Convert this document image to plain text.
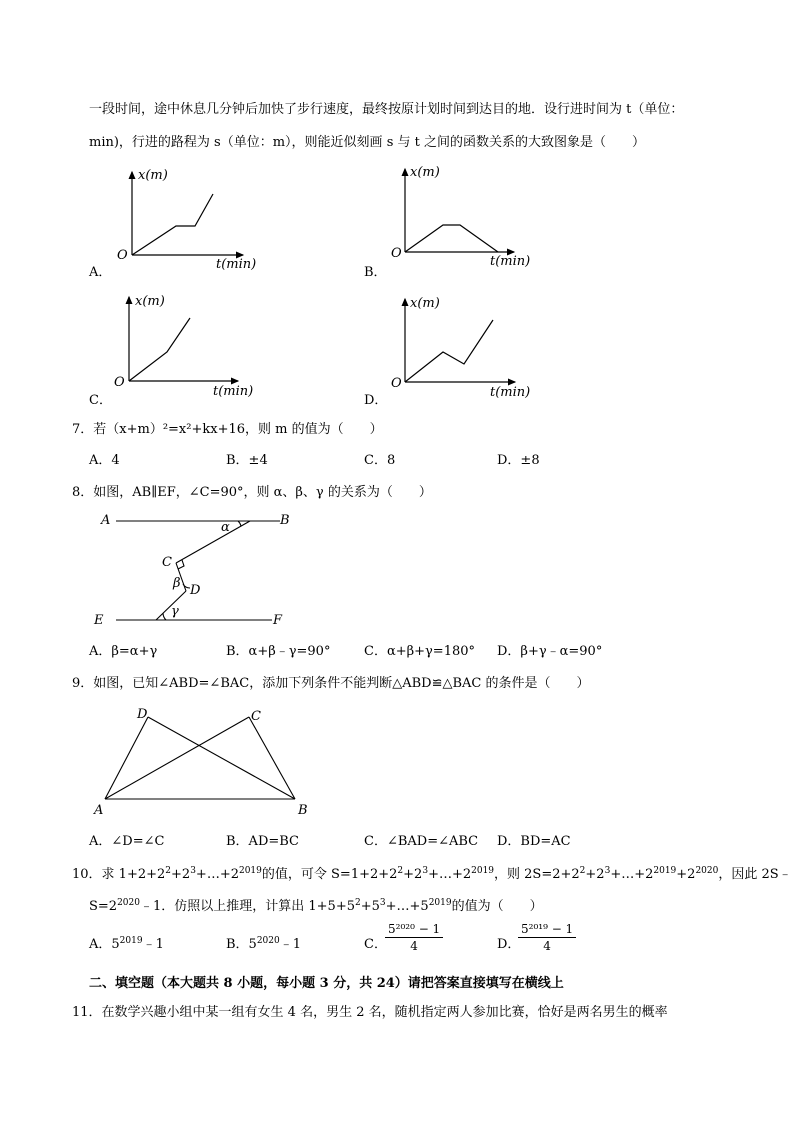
一段时间，途中休息几分钟后加快了步行速度，最终按原计划时间到达目的地．设行进时间为 t（单位：
min)，行进的路程为 s（单位：m），则能近似刻画 s 与 t 之间的函数关系的大致图象是（　　）
x(m)
O
t(min)
A．
x(m)
O
t(min)
B．
x(m)
O
t(min)
C．
x(m)
O
t(min)
D．
7．若（x+m）²=x²+kx+16，则 m 的值为（　　）
A．4	B．±4	C．8	D．±8
8．如图，AB∥EF，∠C=90°，则 α、β、γ 的关系为（　　）
A	B
α
C
β D
γ
E	F
A．β=α+γ	B．α+β﹣γ=90°	C．α+β+γ=180° D．β+γ﹣α=90°
9．如图，已知∠ABD=∠BAC，添加下列条件不能判断△ABD≌△BAC 的条件是（　　）
D	C
A	B
A．∠D=∠C	B．AD=BC	C．∠BAD=∠ABC D．BD=AC
10．求 $1+2+2^2+2^3+\dots+2^{2019}$的值，可令 $S=1+2+2^2+2^3+\dots+2^{2019}$，则 $2S=2+2^2+2^3+\dots+2^{2019}+2^{2020}$，因此 2S﹣
$S=2^{2020}﹣1$．仿照以上推理，计算出 $1+5+5^2+5^3+\dots+5^{2019}$的值为（　　）
A．$5^{2019}﹣1$	B．$5^{2020}﹣1$	C．
$\frac{\text{5²⁰²⁰ − 1}}{4}$	D．
$\frac{\text{5²⁰¹⁹ − 1}}{4}$
二、填空题（本大题共 8 小题，每小题 3 分，共 24）请把答案直接填写在横线上
11．在数学兴趣小组中某一组有女生 4 名，男生 2 名，随机指定两人参加比赛，恰好是两名男生的概率
